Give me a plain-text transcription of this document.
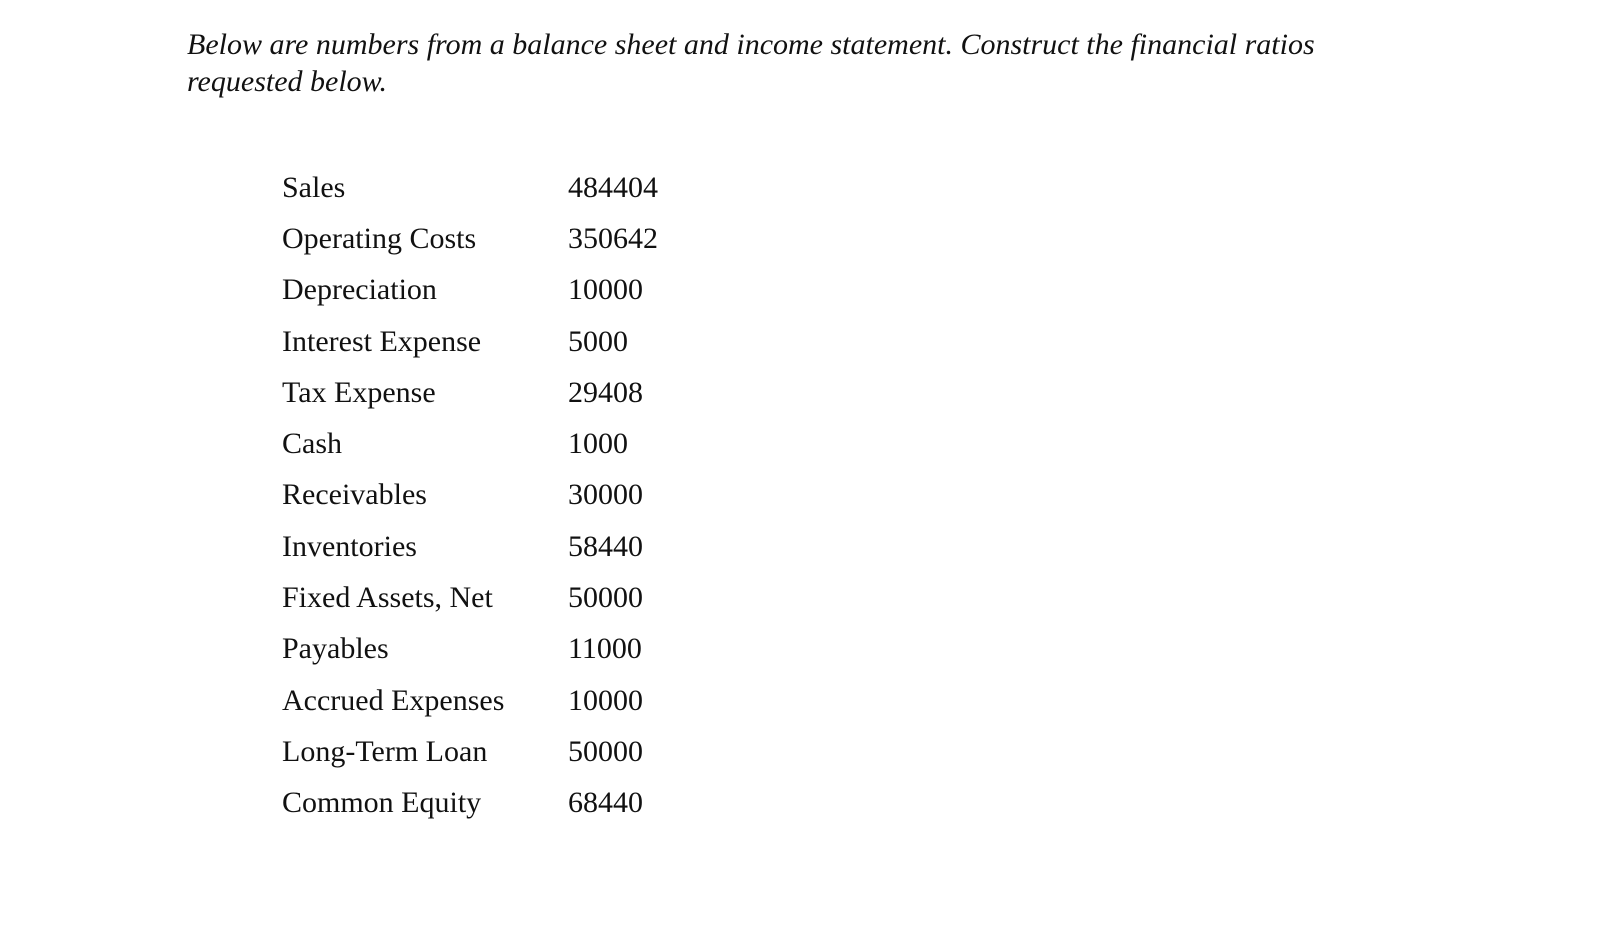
Below are numbers from a balance sheet and income statement. Construct the financial ratios
requested below.

Sales	484404
Operating Costs	350642
Depreciation	10000
Interest Expense	5000
Tax Expense	29408
Cash	1000
Receivables	30000
Inventories	58440
Fixed Assets, Net	50000
Payables	11000
Accrued Expenses	10000
Long-Term Loan	50000
Common Equity	68440
